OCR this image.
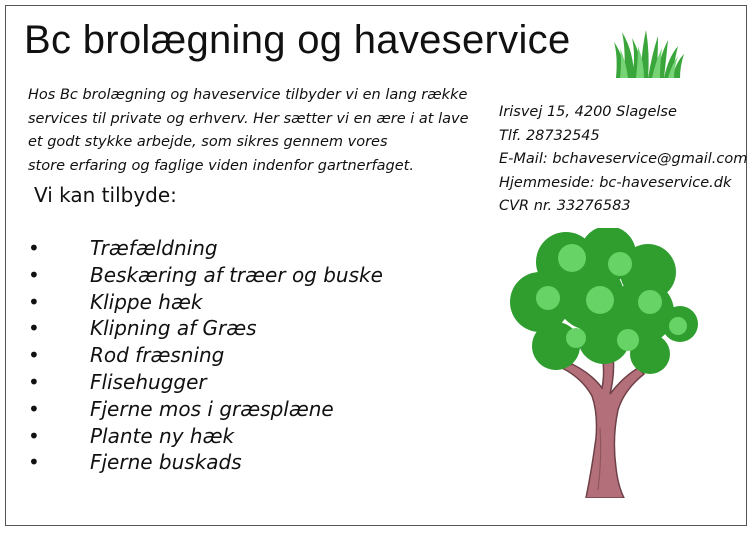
Bc brolægning og haveservice
Hos Bc brolægning og haveservice tilbyder vi en lang række
services til private og erhverv. Her sætter vi en ære i at lave
et godt stykke arbejde, som sikres gennem vores
store erfaring og faglige viden indenfor gartnerfaget.
Vi kan tilbyde:
•	Træfældning
•	Beskæring af træer og buske
•	Klippe hæk
•	Klipning af Græs
•	Rod fræsning
•	Flisehugger
•	Fjerne mos i græsplæne
•	Plante ny hæk
•	Fjerne buskads
Irisvej 15, 4200 Slagelse
Tlf. 28732545
E-Mail: bchaveservice@gmail.com
Hjemmeside: bc-haveservice.dk
CVR nr. 33276583
